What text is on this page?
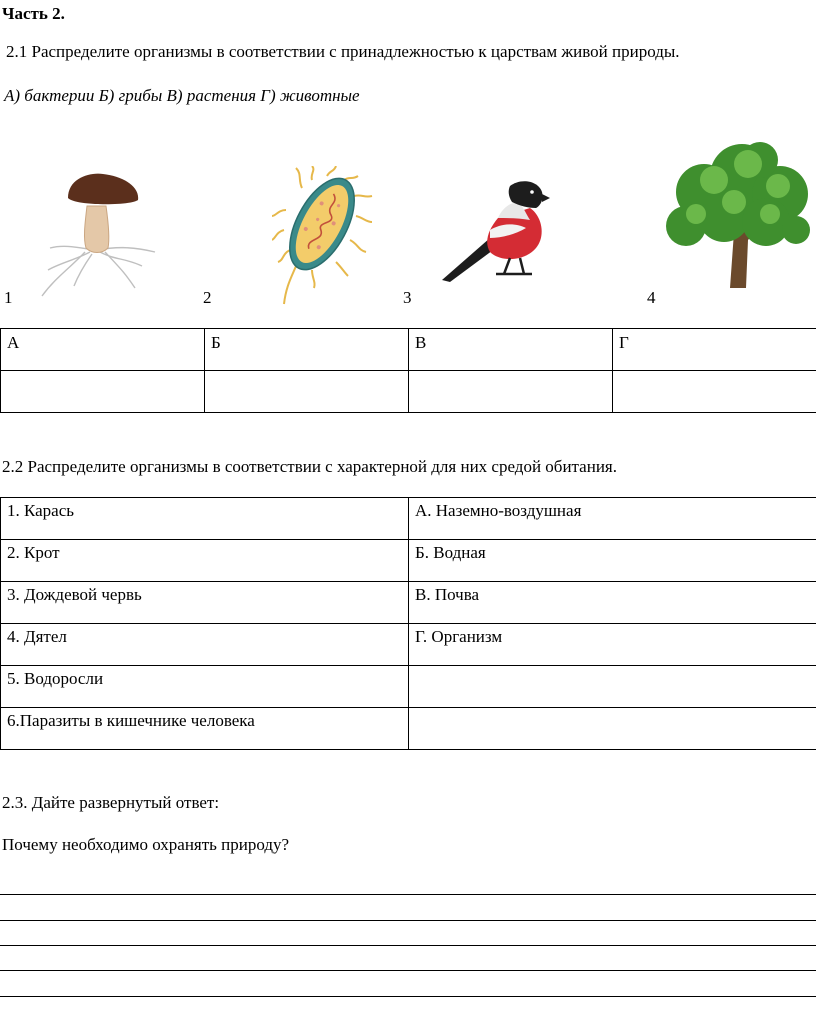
Часть 2.
2.1 Распределите организмы в соответствии с принадлежностью к царствам живой природы.
А) бактерии Б) грибы В) растения Г) животные
1	2	3	4
А	Б	В	Г

2.2 Распределите организмы в соответствии с характерной для них средой обитания.
1. Карась	А. Наземно-воздушная
2. Крот	Б. Водная
3. Дождевой червь	В. Почва
4. Дятел	Г. Организм
5. Водоросли	
6.Паразиты в кишечнике человека	
2.3. Дайте развернутый ответ:
Почему необходимо охранять природу?
